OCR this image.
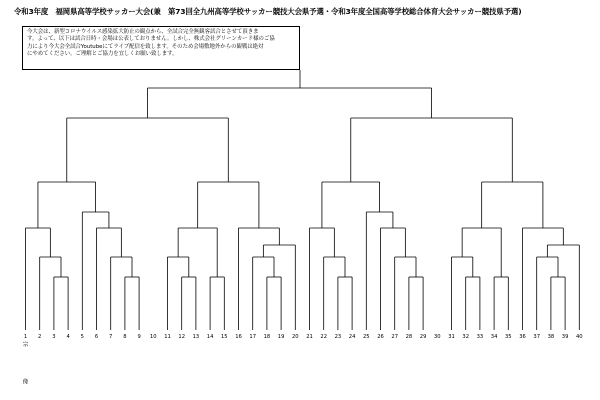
令和3年度　福岡県高等学校サッカー大会(兼　第73回全九州高等学校サッカー競技大会県予選・令和3年度全国高等学校総合体育大会サッカー競技県予選)
今大会は、新型コロナウイルス感染拡大防止の観点から、全試合完全無観客試合とさせて頂きま
す。よって、以下は試合日時・会場は公表しておりません。しかし、株式会社グリーンカード様のご協
力により今大会全試合Youtubeにてライブ配信を致します。そのため会場敷地外からの観戦は絶対
にやめてください。ご理解とご協力を宜しくお願い致します。
1
宗
像
2 3 4 5 6 7 8 9 10 11 12 13 14 15 16 17 18 19 20 21 22 23 24 25 26 27 28 29 30 31 32 33 34 35 36 37 38 39 40
